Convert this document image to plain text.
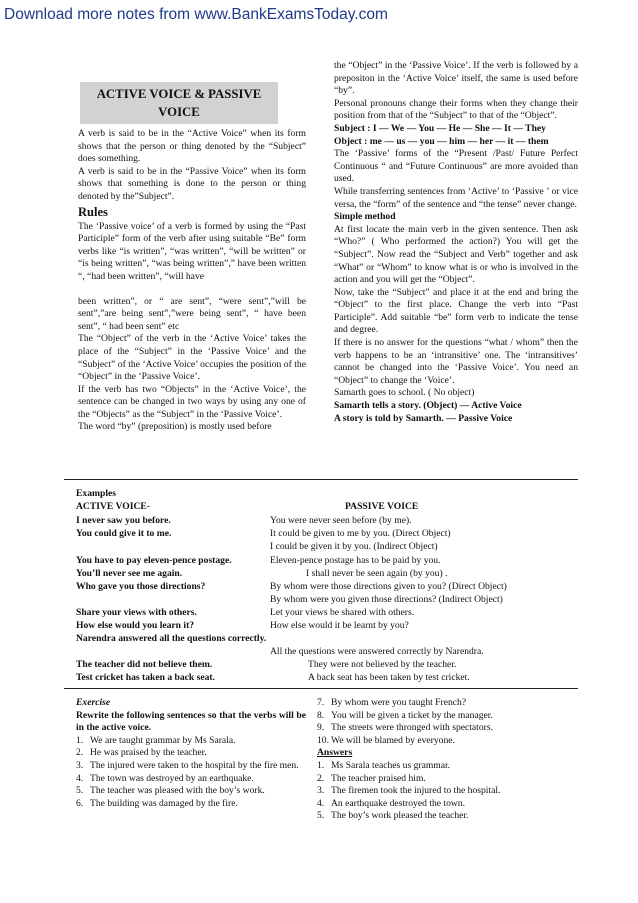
Download more notes from www.BankExamsToday.com
ACTIVE VOICE & PASSIVE
VOICE

A verb is said to be in the “Active Voice” when its form shows that the person or thing denoted by the “Subject” does something.

A verb is said to be in the “Passive Voice” when its form shows that something is done to the person or thing denoted by the”Subject”.

Rules

The ‘Passive voice’ of a verb is formed by using the “Past Participle” form of the verb after using suitable “Be” form verbs like “is written”, “was written”, “will be written” or “is being written”, “was being written”,” have been written “, “had been written”, “will have

been written”, or “ are sent”, “were sent”,”will be sent”,”are being sent”,”were being sent”, “ have been sent”, “ had been sent” etc

The “Object” of the verb in the ‘Active Voice’ takes the place of the “Subject” in the ‘Passive Voice’ and the “Subject” of the ‘Active Voice’ occupies the position of the “Object” in the ‘Passive Voice’.

If the verb has two “Objects” in the ‘Active Voice’, the sentence can be changed in two ways by using any one of the “Objects” as the “Subject” in the ‘Passive Voice’.

The word “by” (preposition) is mostly used before

the “Object” in the ‘Passive Voice’. If the verb is followed by a prepositon in the ‘Active Voice’ itself, the same is used before “by”.

Personal pronouns change their forms when they change their position from that of the “Subject” to that of the “Object”.

Subject : I — We — You — He — She — It — They

Object : me — us — you — him — her — it — them

The ‘Passive’ forms of the “Present /Past/ Future Perfect Continuous “ and “Future Continuous” are more avoided than used.

While transferring sentences from ‘Active’ to ‘Passive ’ or vice versa, the “form” of the sentence and “the tense” never change.

Simple method

At first locate the main verb in the given sentence. Then ask “Who?” ( Who performed the action?) You will get the “Subject”. Now read the “Subject and Verb” together and ask “What” or “Whom” to know what is or who is involved in the action and you will get the “Object”.

Now, take the “Subject” and place it at the end and bring the “Object” to the first place. Change the verb into “Past Participle”. Add suitable “be” form verb to indicate the tense and degree.

If there is no answer for the questions “what / whom” then the verb happens to be an ‘intransitive’ one. The ‘intransitives’ cannot be changed into the ‘Passive Voice’. You need an “Object” to change the ‘Voice’.

Samarth goes to school. ( No object)

Samarth tells a story. (Object) — Active Voice

A story is told by Samarth. — Passive Voice

Examples
ACTIVE VOICE-	PASSIVE VOICE
I never saw you before.	You were never seen before (by me).
You could give it to me.	It could be given to me by you. (Direct Object)
I could be given it by you. (Indirect Object)
You have to pay eleven-pence postage.	Eleven-pence postage has to be paid by you.
You’ll never see me again.	I shall never be seen again (by you) .
Who gave you those directions?	By whom were those directions given to you? (Direct Object)
By whom were you given those directions? (Indirect Object)
Share your views with others.	Let your views be shared with others.
How else would you learn it?	How else would it be learnt by you?
Narendra answered all the questions correctly.
All the questions were answered correctly by Narendra.
The teacher did not believe them.	They were not believed by the teacher.
Test cricket has taken a back seat.	A back seat has been taken by test cricket.

Exercise

Rewrite the following sentences so that the verbs will be in the active voice.

1. We are taught grammar by Ms Sarala.
2. He was praised by the teacher.
3. The injured were taken to the hospital by the fire men.
4. The town was destroyed by an earthquake.
5. The teacher was pleased with the boy’s work.
6. The building was damaged by the fire.
7. By whom were you taught French?
8. You will be given a ticket by the manager.
9. The streets were thronged with spectators.
10. We will be blamed by everyone.

Answers

1. Ms Sarala teaches us grammar.
2. The teacher praised him.
3. The firemen took the injured to the hospital.
4. An earthquake destroyed the town.
5. The boy’s work pleased the teacher.
